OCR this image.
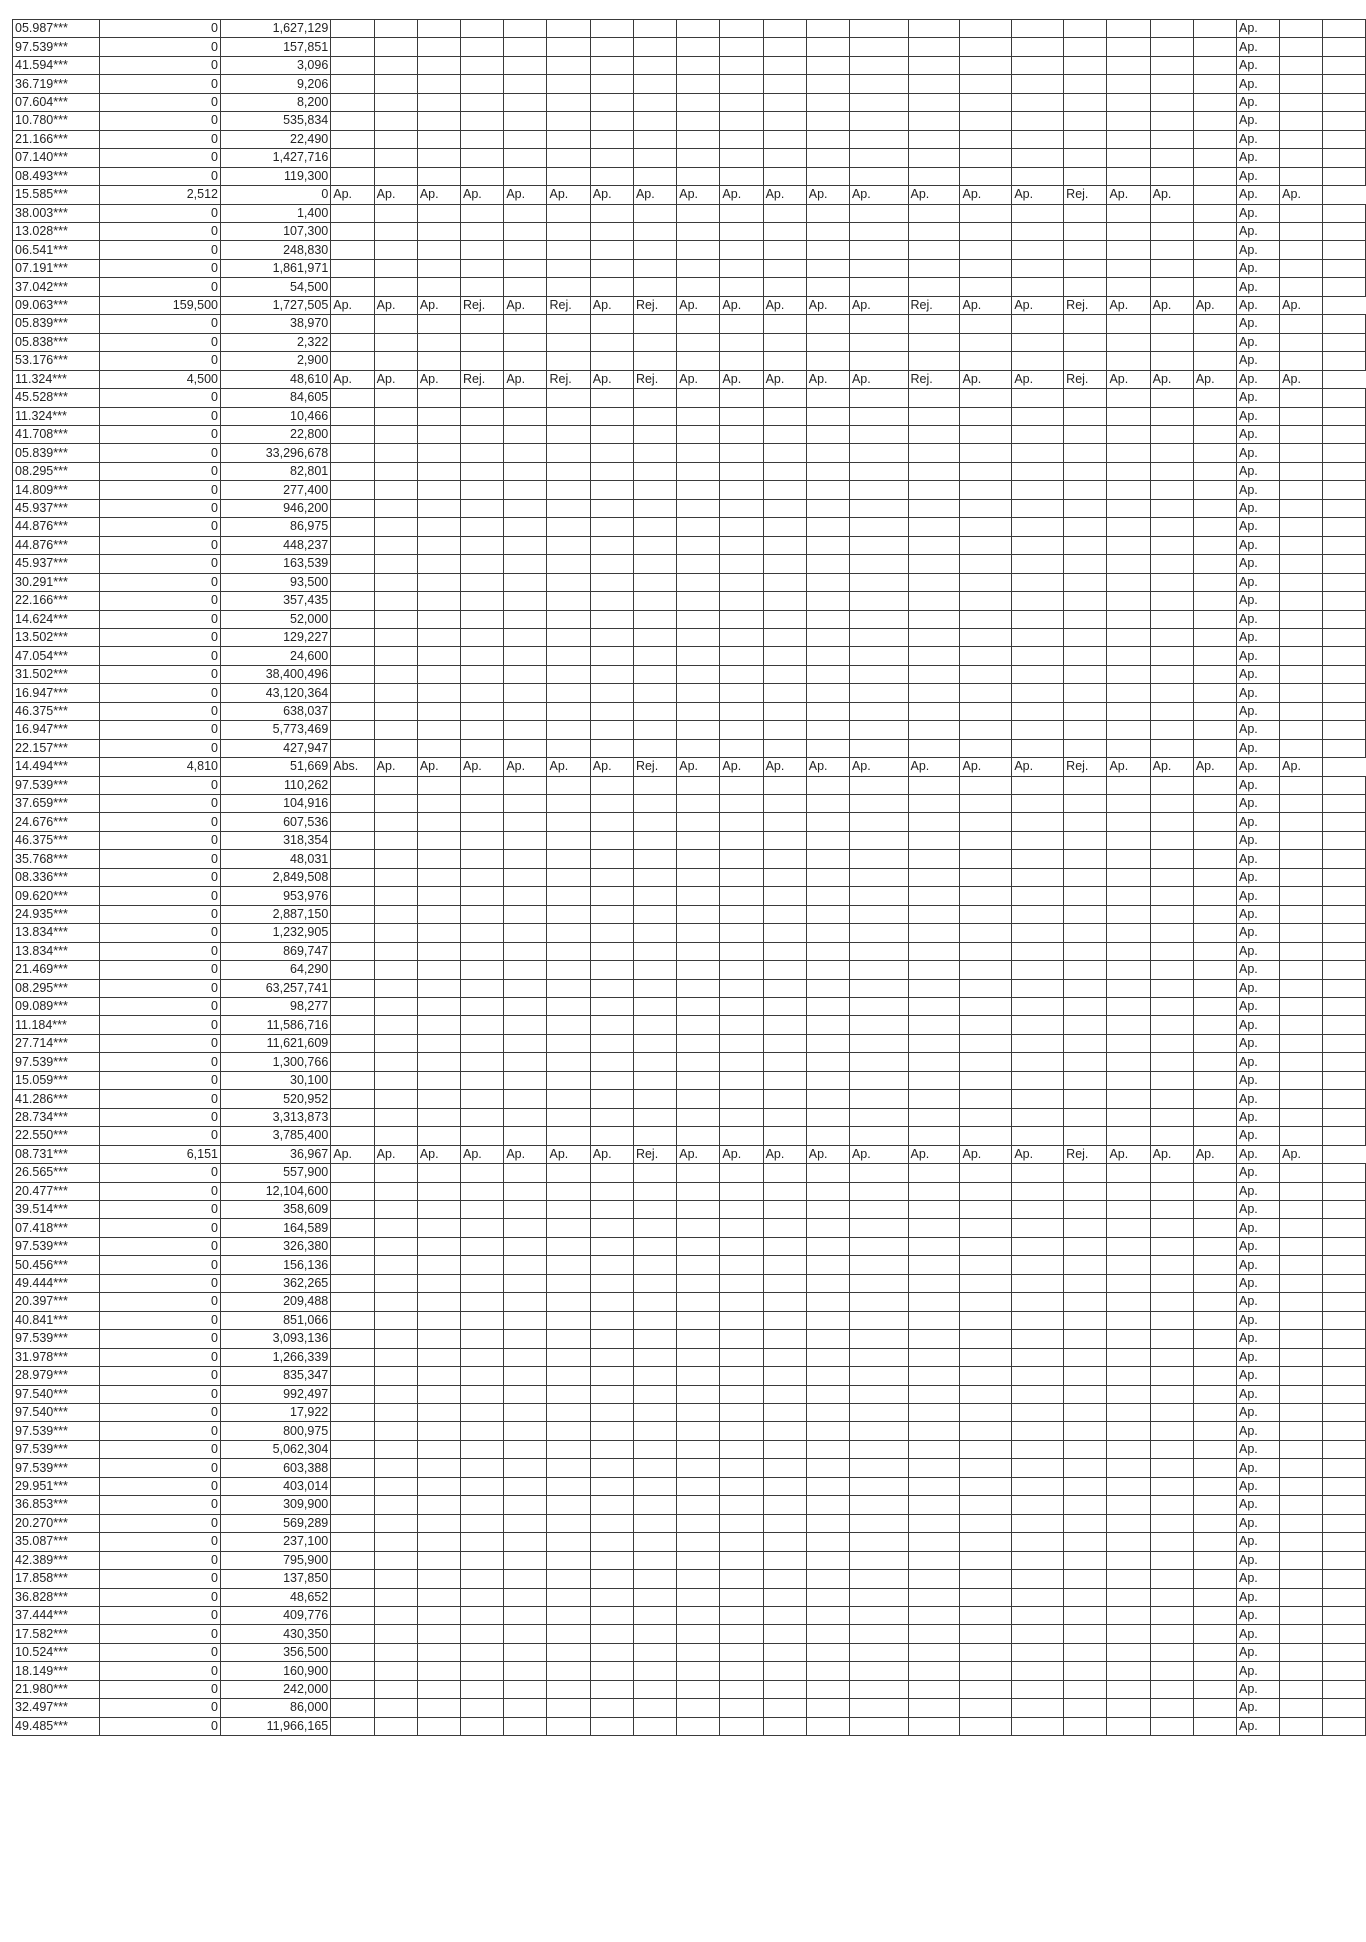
05.987***	0	1,627,129																					Ap.		
97.539***	0	157,851																					Ap.		
41.594***	0	3,096																					Ap.		
36.719***	0	9,206																					Ap.		
07.604***	0	8,200																					Ap.		
10.780***	0	535,834																					Ap.		
21.166***	0	22,490																					Ap.		
07.140***	0	1,427,716																					Ap.		
08.493***	0	119,300																					Ap.		
15.585***	2,512	0	Ap.	Ap.	Ap.	Ap.	Ap.	Ap.	Ap.	Ap.	Ap.	Ap.	Ap.	Ap.	Ap.	Ap.	Ap.	Ap.	Rej.	Ap.	Ap.		Ap.	Ap.	
38.003***	0	1,400																					Ap.		
13.028***	0	107,300																					Ap.		
06.541***	0	248,830																					Ap.		
07.191***	0	1,861,971																					Ap.		
37.042***	0	54,500																					Ap.		
09.063***	159,500	1,727,505	Ap.	Ap.	Ap.	Rej.	Ap.	Rej.	Ap.	Rej.	Ap.	Ap.	Ap.	Ap.	Ap.	Rej.	Ap.	Ap.	Rej.	Ap.	Ap.	Ap.	Ap.	Ap.	
05.839***	0	38,970																					Ap.		
05.838***	0	2,322																					Ap.		
53.176***	0	2,900																					Ap.		
11.324***	4,500	48,610	Ap.	Ap.	Ap.	Rej.	Ap.	Rej.	Ap.	Rej.	Ap.	Ap.	Ap.	Ap.	Ap.	Rej.	Ap.	Ap.	Rej.	Ap.	Ap.	Ap.	Ap.	Ap.	
45.528***	0	84,605																					Ap.		
11.324***	0	10,466																					Ap.		
41.708***	0	22,800																					Ap.		
05.839***	0	33,296,678																					Ap.		
08.295***	0	82,801																					Ap.		
14.809***	0	277,400																					Ap.		
45.937***	0	946,200																					Ap.		
44.876***	0	86,975																					Ap.		
44.876***	0	448,237																					Ap.		
45.937***	0	163,539																					Ap.		
30.291***	0	93,500																					Ap.		
22.166***	0	357,435																					Ap.		
14.624***	0	52,000																					Ap.		
13.502***	0	129,227																					Ap.		
47.054***	0	24,600																					Ap.		
31.502***	0	38,400,496																					Ap.		
16.947***	0	43,120,364																					Ap.		
46.375***	0	638,037																					Ap.		
16.947***	0	5,773,469																					Ap.		
22.157***	0	427,947																					Ap.		
14.494***	4,810	51,669	Abs.	Ap.	Ap.	Ap.	Ap.	Ap.	Ap.	Rej.	Ap.	Ap.	Ap.	Ap.	Ap.	Ap.	Ap.	Ap.	Rej.	Ap.	Ap.	Ap.	Ap.	Ap.	
97.539***	0	110,262																					Ap.		
37.659***	0	104,916																					Ap.		
24.676***	0	607,536																					Ap.		
46.375***	0	318,354																					Ap.		
35.768***	0	48,031																					Ap.		
08.336***	0	2,849,508																					Ap.		
09.620***	0	953,976																					Ap.		
24.935***	0	2,887,150																					Ap.		
13.834***	0	1,232,905																					Ap.		
13.834***	0	869,747																					Ap.		
21.469***	0	64,290																					Ap.		
08.295***	0	63,257,741																					Ap.		
09.089***	0	98,277																					Ap.		
11.184***	0	11,586,716																					Ap.		
27.714***	0	11,621,609																					Ap.		
97.539***	0	1,300,766																					Ap.		
15.059***	0	30,100																					Ap.		
41.286***	0	520,952																					Ap.		
28.734***	0	3,313,873																					Ap.		
22.550***	0	3,785,400																					Ap.		
08.731***	6,151	36,967	Ap.	Ap.	Ap.	Ap.	Ap.	Ap.	Ap.	Rej.	Ap.	Ap.	Ap.	Ap.	Ap.	Ap.	Ap.	Ap.	Rej.	Ap.	Ap.	Ap.	Ap.	Ap.	
26.565***	0	557,900																					Ap.		
20.477***	0	12,104,600																					Ap.		
39.514***	0	358,609																					Ap.		
07.418***	0	164,589																					Ap.		
97.539***	0	326,380																					Ap.		
50.456***	0	156,136																					Ap.		
49.444***	0	362,265																					Ap.		
20.397***	0	209,488																					Ap.		
40.841***	0	851,066																					Ap.		
97.539***	0	3,093,136																					Ap.		
31.978***	0	1,266,339																					Ap.		
28.979***	0	835,347																					Ap.		
97.540***	0	992,497																					Ap.		
97.540***	0	17,922																					Ap.		
97.539***	0	800,975																					Ap.		
97.539***	0	5,062,304																					Ap.		
97.539***	0	603,388																					Ap.		
29.951***	0	403,014																					Ap.		
36.853***	0	309,900																					Ap.		
20.270***	0	569,289																					Ap.		
35.087***	0	237,100																					Ap.		
42.389***	0	795,900																					Ap.		
17.858***	0	137,850																					Ap.		
36.828***	0	48,652																					Ap.		
37.444***	0	409,776																					Ap.		
17.582***	0	430,350																					Ap.		
10.524***	0	356,500																					Ap.		
18.149***	0	160,900																					Ap.		
21.980***	0	242,000																					Ap.		
32.497***	0	86,000																					Ap.		
49.485***	0	11,966,165																					Ap.		
